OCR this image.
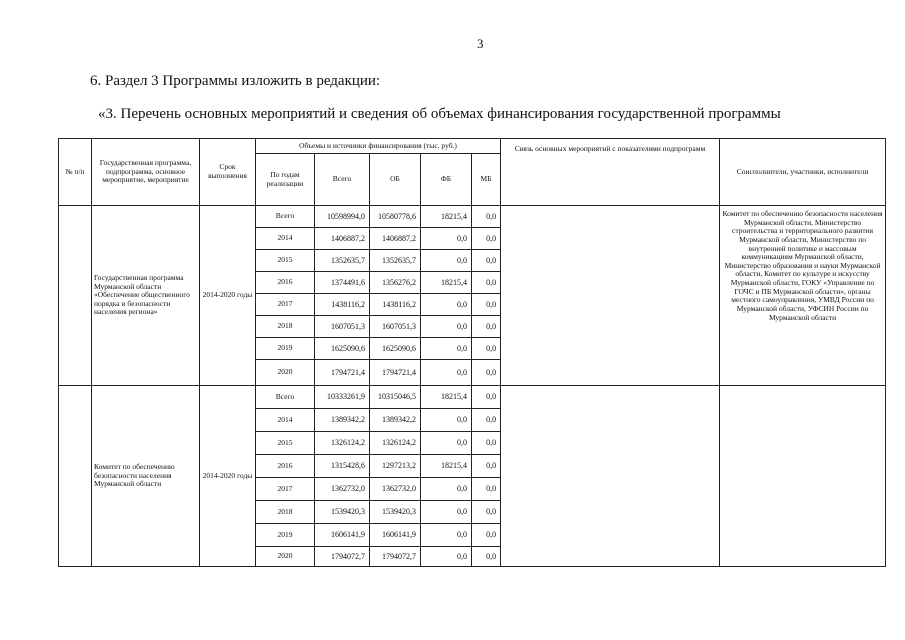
3
6. Раздел 3 Программы изложить в редакции:
«3. Перечень основных мероприятий и сведения об объемах финансирования государственной программы
№ п/п	Государственная программа, подпрограмма, основное мероприятие, мероприятие	Срок выполнения	Объемы и источники финансирования (тыс. руб.)					Связь основных мероприятий с показателями подпрограмм	Соисполнители, участники, исполнители
			По годам реализации	Всего	ОБ	ФБ	МБ		
	Государственная программа Мурманской области «Обеспечение общественного порядка и безопасности населения региона»	2014-2020 годы	Всего	10598994,0	10580778,6	18215,4	0,0		Комитет по обеспечению безопасности населения Мурманской области, Министерство строительства и территориального развития Мурманской области, Министерство по внутренней политике и массовым коммуникациям Мурманской области, Министерство образования и науки Мурманской области, Комитет по культуре и искусству Мурманской области, ГОКУ «Управление по ГОЧС и ПБ Мурманской области», органы местного самоуправления, УМВД России по Мурманской области, УФСИН России по Мурманской области
			2014	1406887,2	1406887,2	0,0	0,0		
			2015	1352635,7	1352635,7	0,0	0,0		
			2016	1374491,6	1356276,2	18215,4	0,0		
			2017	1438116,2	1438116,2	0,0	0,0		
			2018	1607051,3	1607051,3	0,0	0,0		
			2019	1625090,6	1625090,6	0,0	0,0		
			2020	1794721,4	1794721,4	0,0	0,0		
	Комитет по обеспечению безопасности населения Мурманской области	2014-2020 годы	Всего	10333261,9	10315046,5	18215,4	0,0		
			2014	1389342,2	1389342,2	0,0	0,0		
			2015	1326124,2	1326124,2	0,0	0,0		
			2016	1315428,6	1297213,2	18215,4	0,0		
			2017	1362732,0	1362732,0	0,0	0,0		
			2018	1539420,3	1539420,3	0,0	0,0		
			2019	1606141,9	1606141,9	0,0	0,0		
			2020	1794072,7	1794072,7	0,0	0,0		
